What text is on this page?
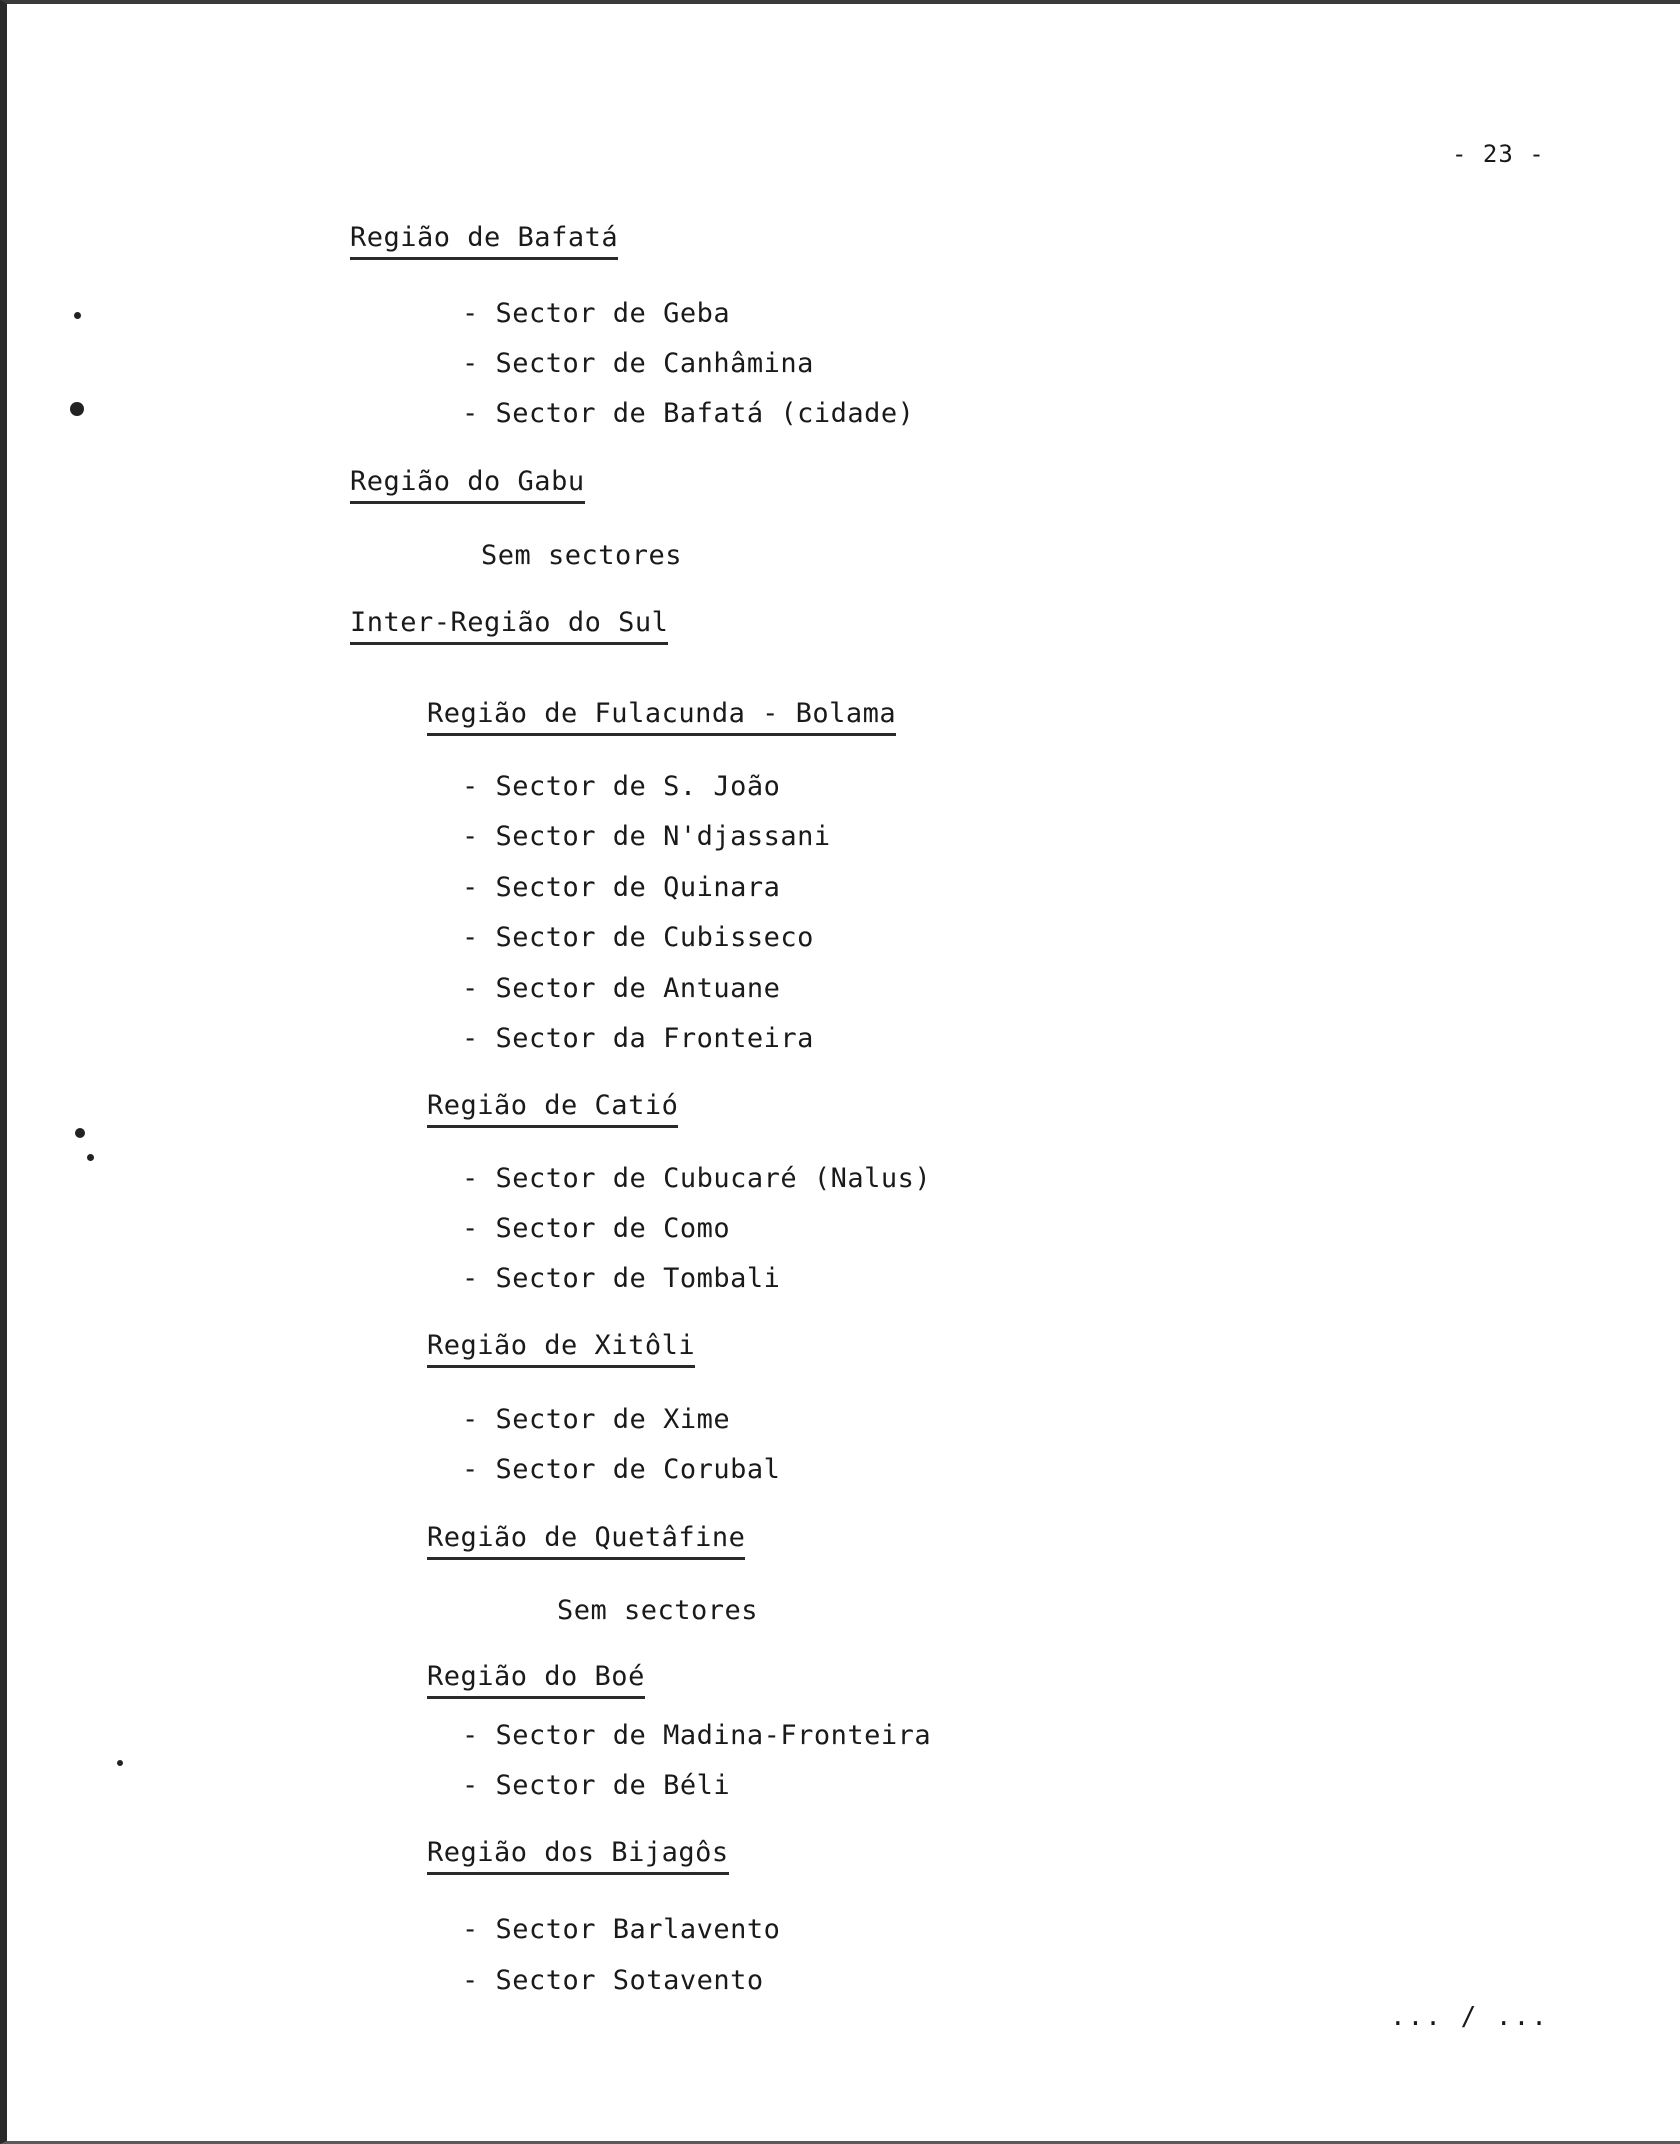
- 23 -
Região de Bafatá
- Sector de Geba
- Sector de Canhâmina
- Sector de Bafatá (cidade)
Região do Gabu
Sem sectores
Inter-Região do Sul
Região de Fulacunda - Bolama
- Sector de S. João
- Sector de N'djassani
- Sector de Quinara
- Sector de Cubisseco
- Sector de Antuane
- Sector da Fronteira
Região de Catió
- Sector de Cubucaré (Nalus)
- Sector de Como
- Sector de Tombali
Região de Xitôli
- Sector de Xime
- Sector de Corubal
Região de Quetâfine
Sem sectores
Região do Boé
- Sector de Madina-Fronteira
- Sector de Béli
Região dos Bijagôs
- Sector Barlavento
- Sector Sotavento
... / ...
